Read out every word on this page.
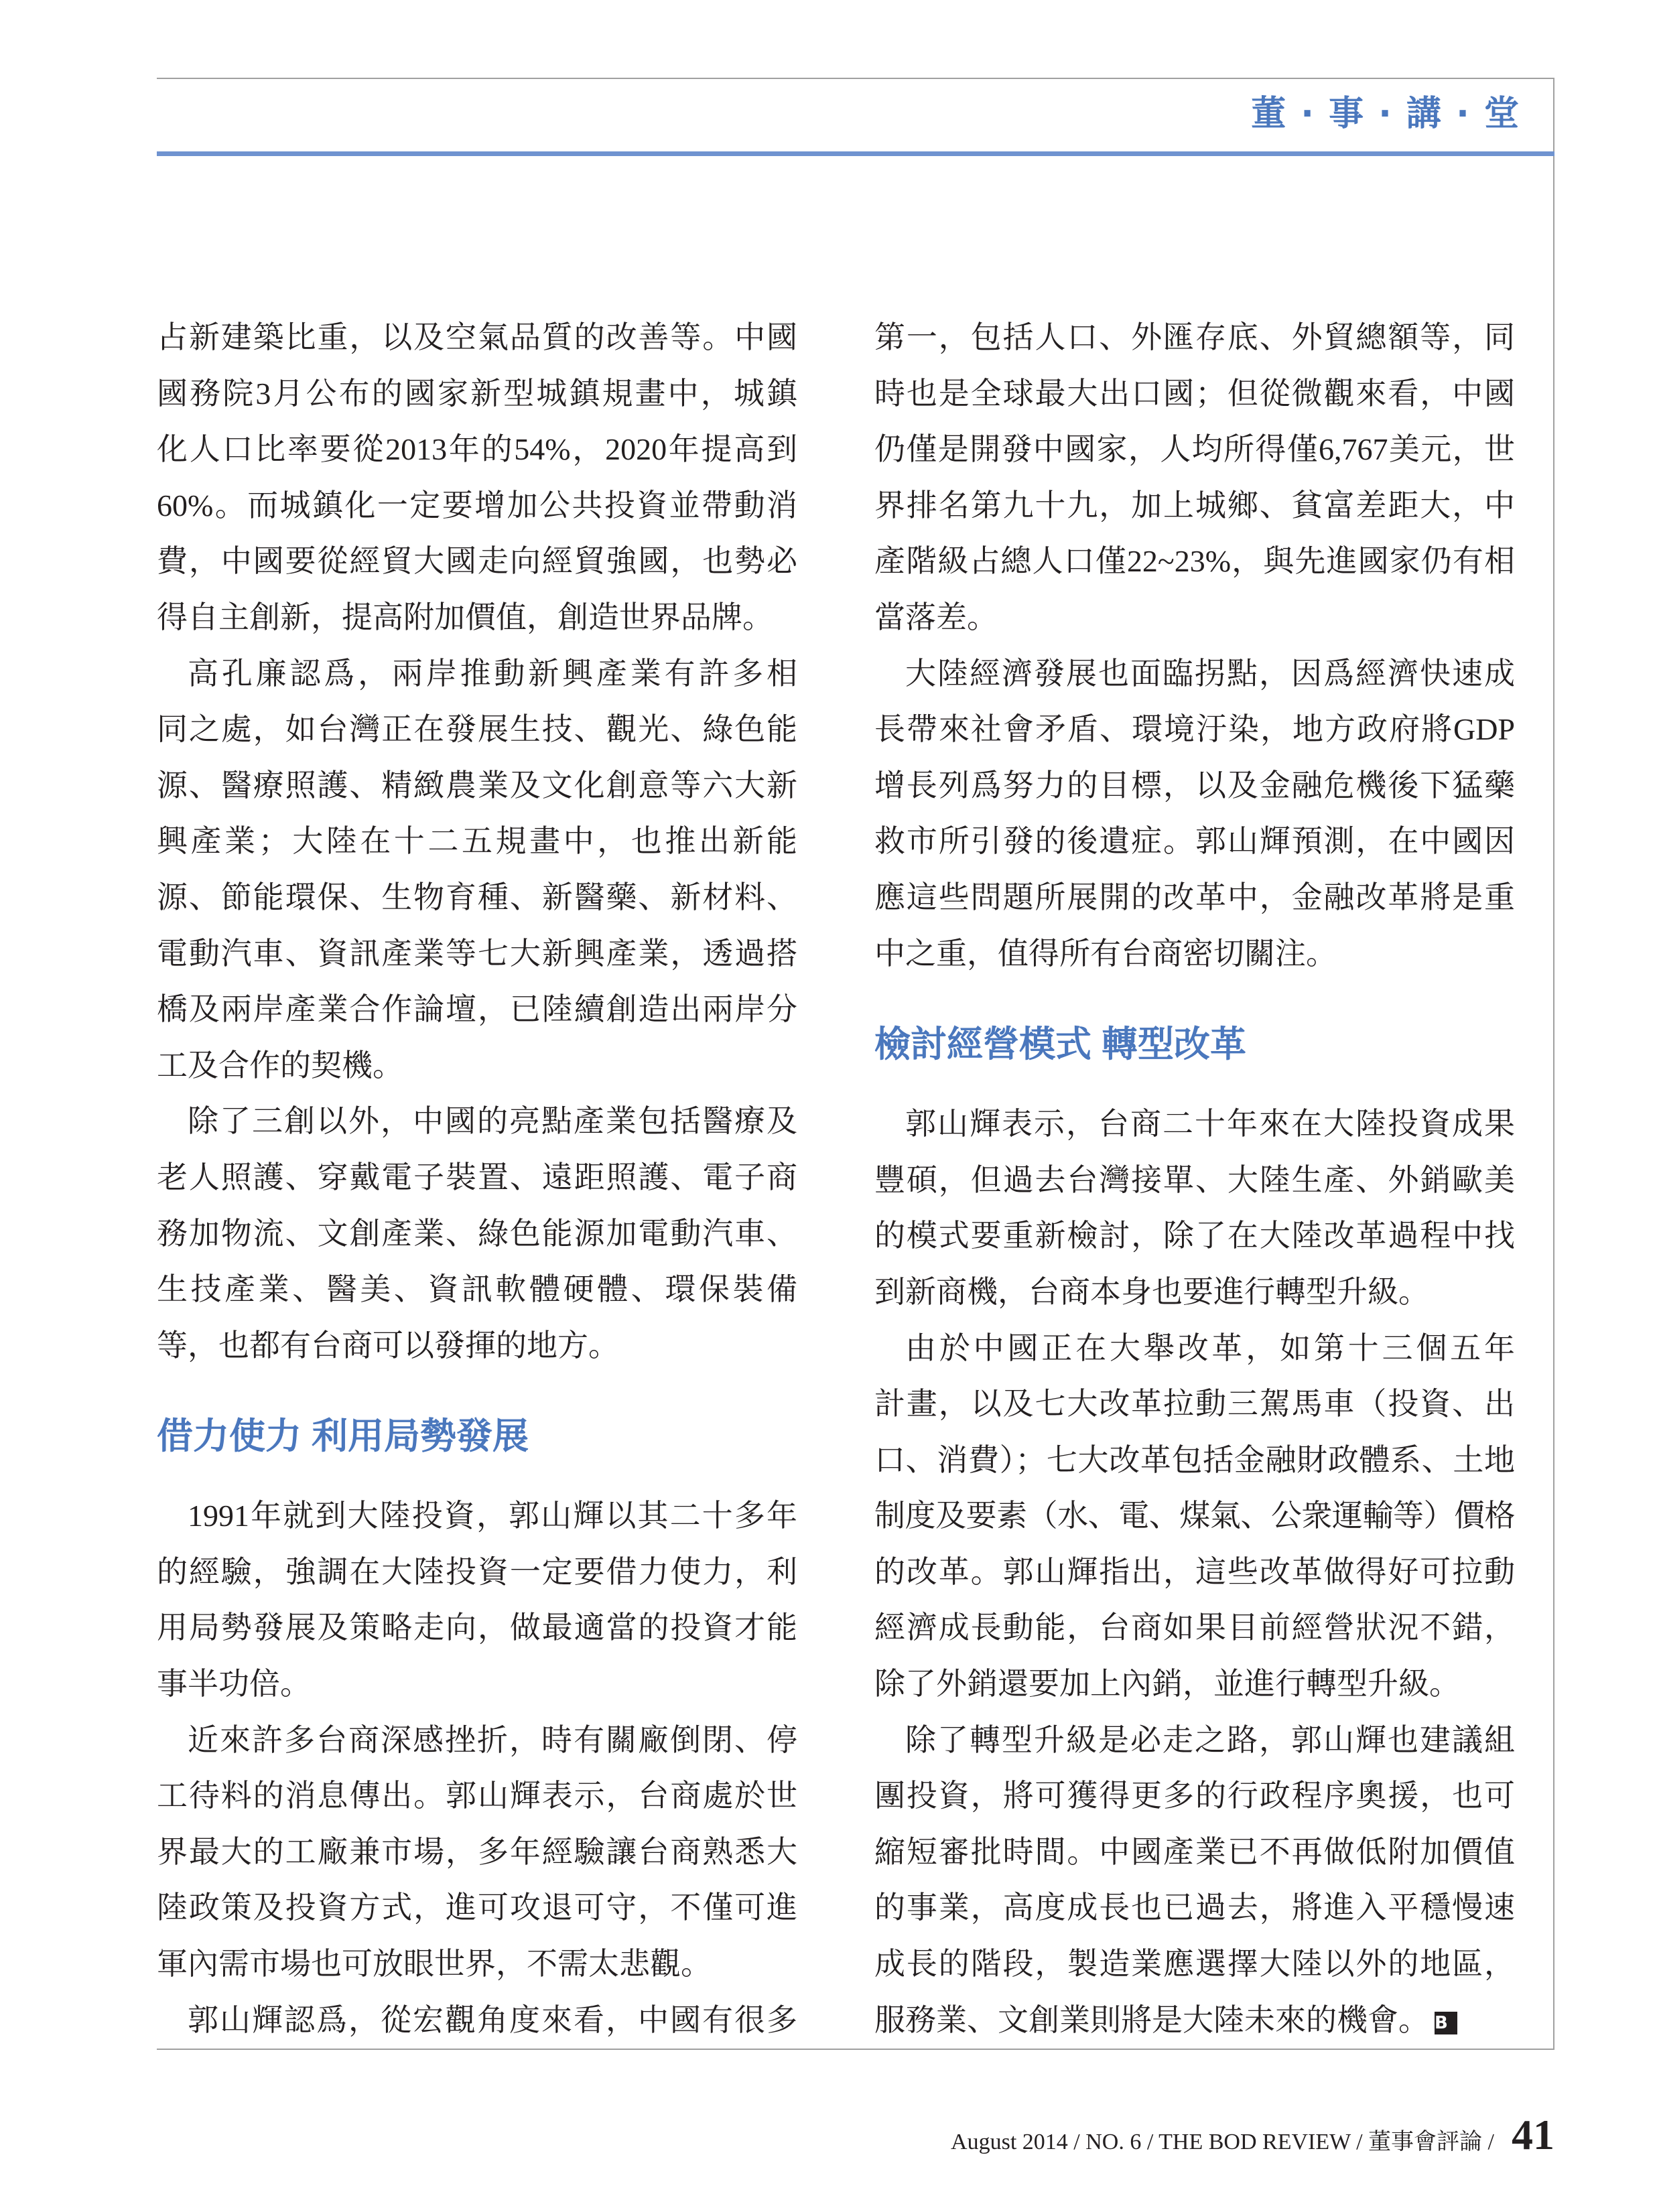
董 · 事 · 講 · 堂
占新建築比重，以及空氣品質的改善等。中國
國務院3月公布的國家新型城鎮規畫中，城鎮
化人口比率要從2013年的54%，2020年提高到
60%。而城鎮化一定要增加公共投資並帶動消
費，中國要從經貿大國走向經貿強國，也勢必
得自主創新，提高附加價值，創造世界品牌。
高孔廉認爲，兩岸推動新興產業有許多相
同之處，如台灣正在發展生技、觀光、綠色能
源、醫療照護、精緻農業及文化創意等六大新
興產業；大陸在十二五規畫中，也推出新能
源、節能環保、生物育種、新醫藥、新材料、
電動汽車、資訊產業等七大新興產業，透過搭
橋及兩岸產業合作論壇，已陸續創造出兩岸分
工及合作的契機。
除了三創以外，中國的亮點產業包括醫療及
老人照護、穿戴電子裝置、遠距照護、電子商
務加物流、文創產業、綠色能源加電動汽車、
生技產業、醫美、資訊軟體硬體、環保裝備
等，也都有台商可以發揮的地方。
借力使力 利用局勢發展
1991年就到大陸投資，郭山輝以其二十多年
的經驗，強調在大陸投資一定要借力使力，利
用局勢發展及策略走向，做最適當的投資才能
事半功倍。
近來許多台商深感挫折，時有關廠倒閉、停
工待料的消息傳出。郭山輝表示，台商處於世
界最大的工廠兼市場，多年經驗讓台商熟悉大
陸政策及投資方式，進可攻退可守，不僅可進
軍內需市場也可放眼世界，不需太悲觀。
郭山輝認爲，從宏觀角度來看，中國有很多
第一，包括人口、外匯存底、外貿總額等，同
時也是全球最大出口國；但從微觀來看，中國
仍僅是開發中國家，人均所得僅6,767美元，世
界排名第九十九，加上城鄉、貧富差距大，中
產階級占總人口僅22~23%，與先進國家仍有相
當落差。
大陸經濟發展也面臨拐點，因爲經濟快速成
長帶來社會矛盾、環境汙染，地方政府將GDP
增長列爲努力的目標，以及金融危機後下猛藥
救市所引發的後遺症。郭山輝預測，在中國因
應這些問題所展開的改革中，金融改革將是重
中之重，值得所有台商密切關注。
檢討經營模式 轉型改革
郭山輝表示，台商二十年來在大陸投資成果
豐碩，但過去台灣接單、大陸生產、外銷歐美
的模式要重新檢討，除了在大陸改革過程中找
到新商機，台商本身也要進行轉型升級。
由於中國正在大舉改革，如第十三個五年
計畫，以及七大改革拉動三駕馬車（投資、出
口、消費）；七大改革包括金融財政體系、土地
制度及要素（水、電、煤氣、公衆運輸等）價格
的改革。郭山輝指出，這些改革做得好可拉動
經濟成長動能，台商如果目前經營狀況不錯，
除了外銷還要加上內銷，並進行轉型升級。
除了轉型升級是必走之路，郭山輝也建議組
團投資，將可獲得更多的行政程序奧援，也可
縮短審批時間。中國產業已不再做低附加價值
的事業，高度成長也已過去，將進入平穩慢速
成長的階段，製造業應選擇大陸以外的地區，
服務業、文創業則將是大陸未來的機會。 B
August 2014 / NO. 6 / THE BOD REVIEW / 董事會評論 / 41
